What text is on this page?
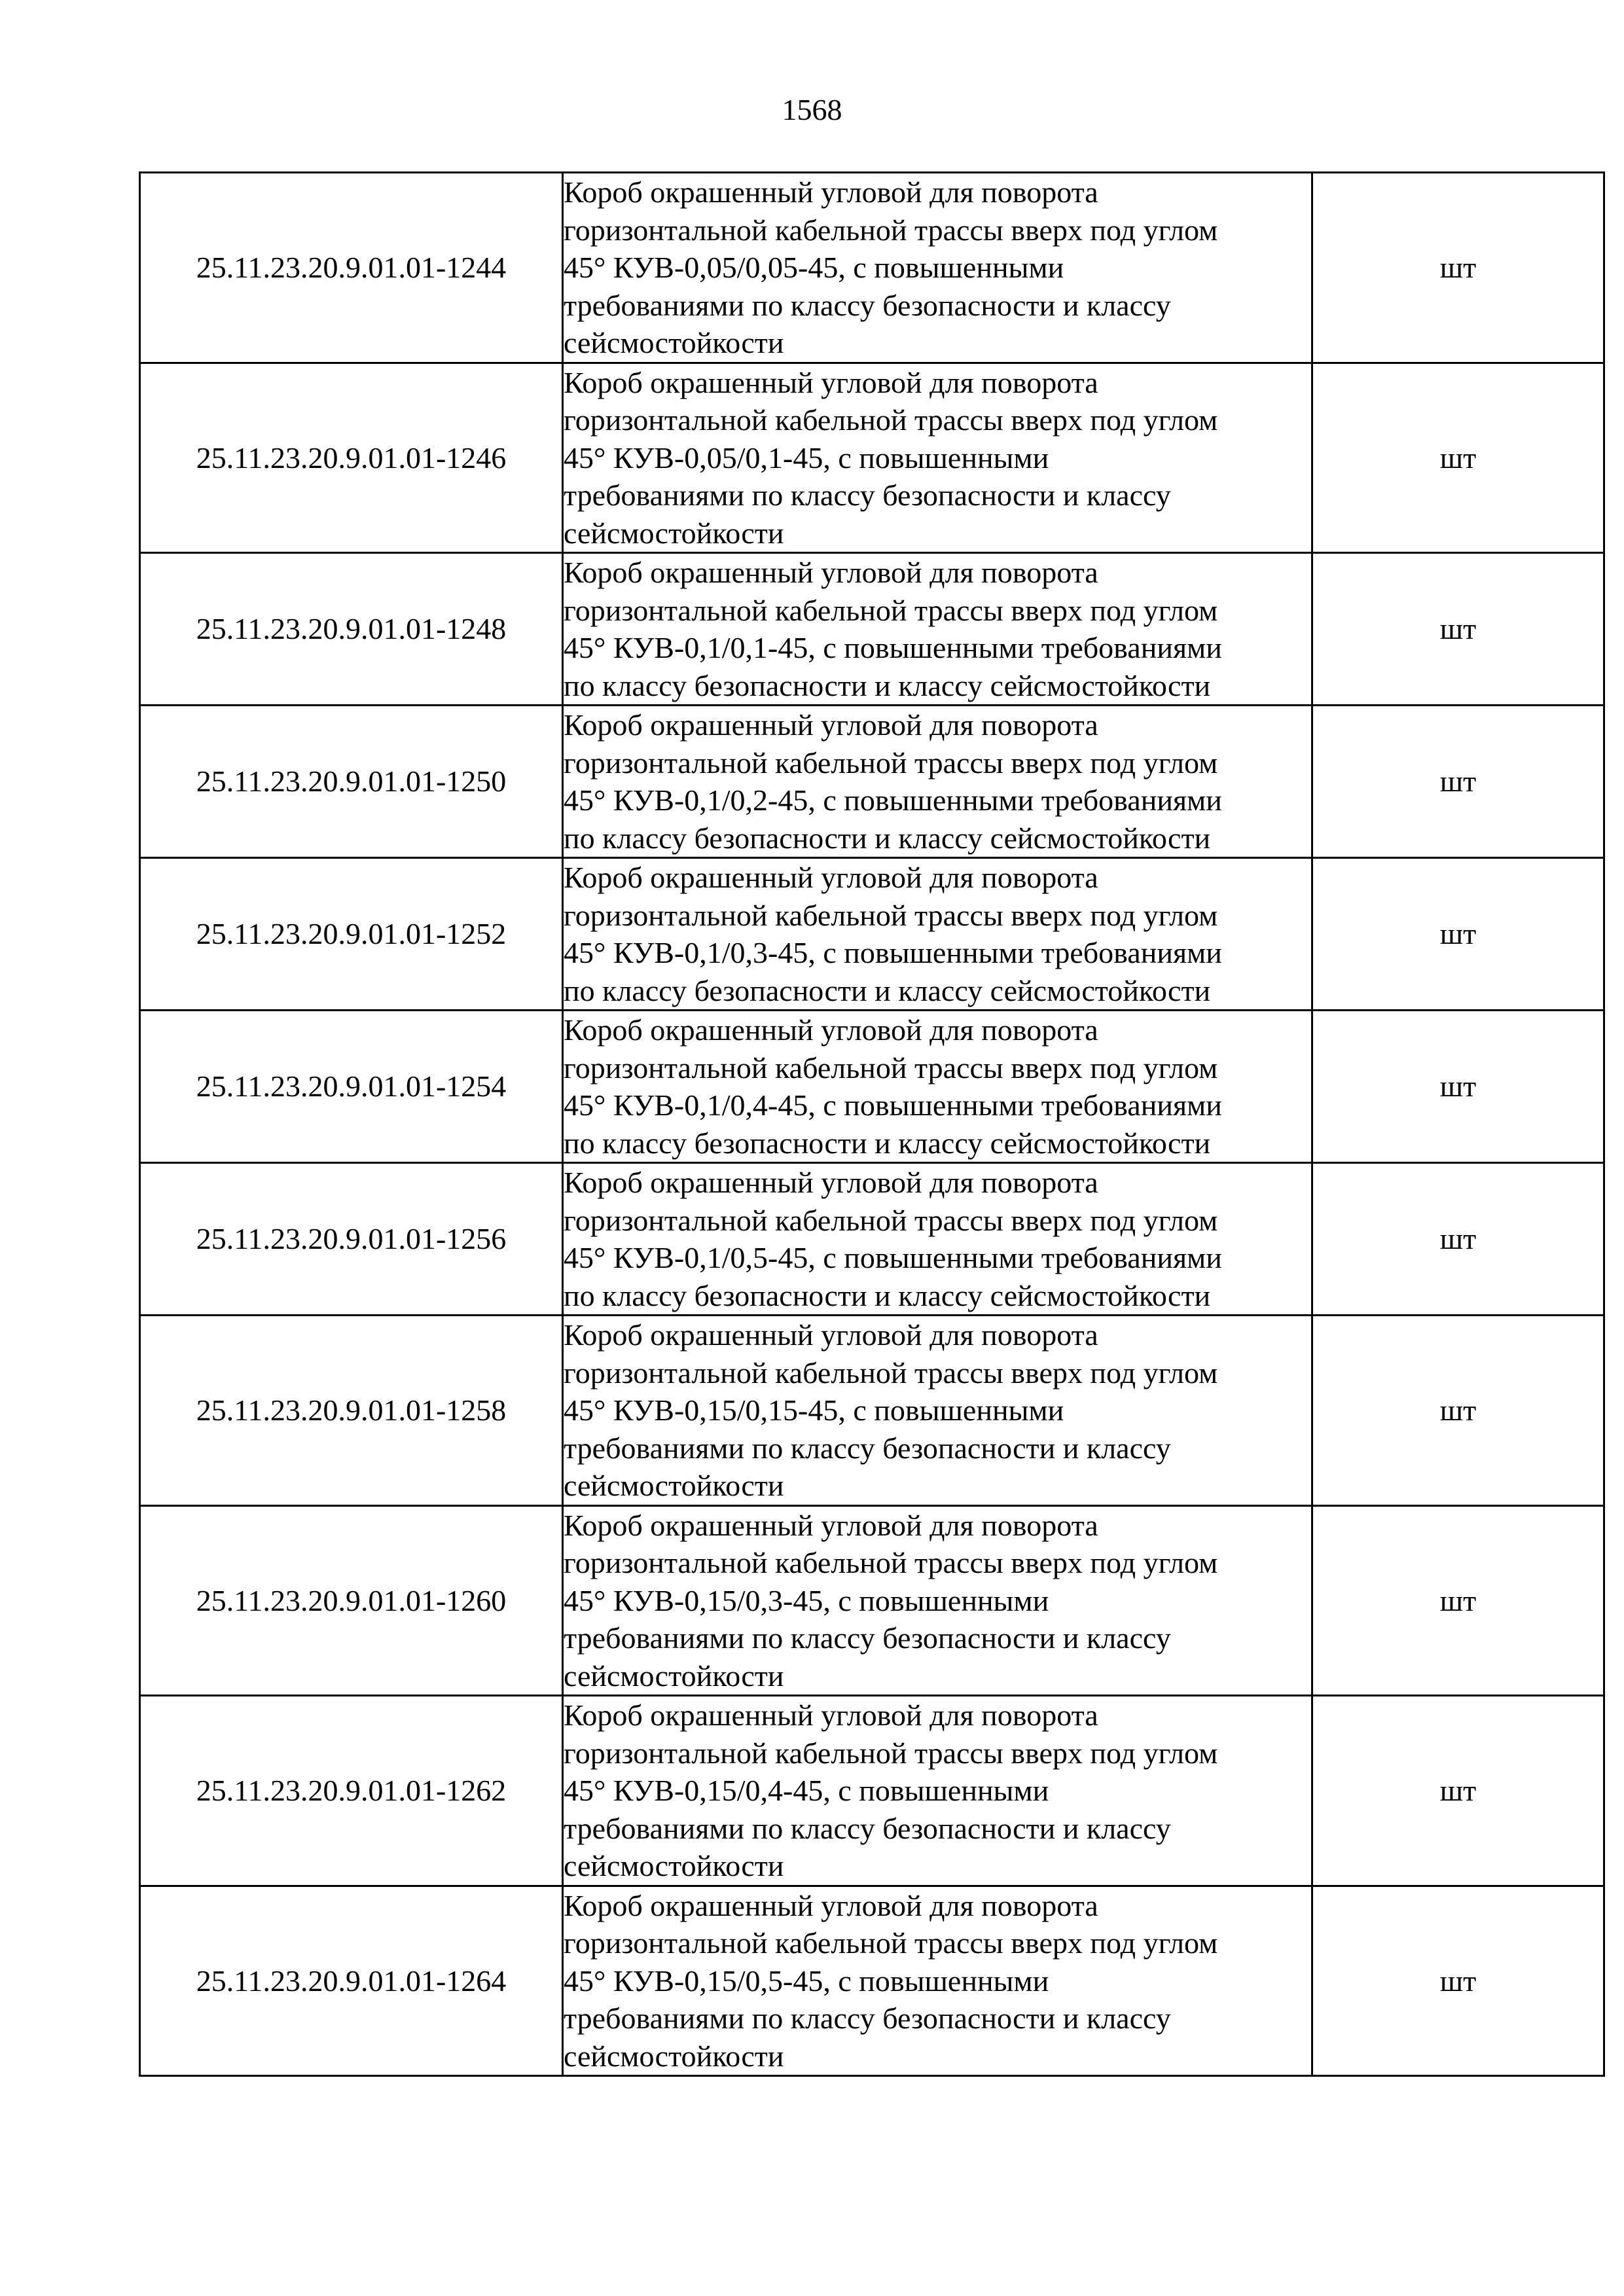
1568
25.11.23.20.9.01.01-1244	Короб окрашенный угловой для поворота
горизонтальной кабельной трассы вверх под углом
45° КУВ-0,05/0,05-45, с повышенными
требованиями по классу безопасности и классу
сейсмостойкости	шт
25.11.23.20.9.01.01-1246	Короб окрашенный угловой для поворота
горизонтальной кабельной трассы вверх под углом
45° КУВ-0,05/0,1-45, с повышенными
требованиями по классу безопасности и классу
сейсмостойкости	шт
25.11.23.20.9.01.01-1248	Короб окрашенный угловой для поворота
горизонтальной кабельной трассы вверх под углом
45° КУВ-0,1/0,1-45, с повышенными требованиями
по классу безопасности и классу сейсмостойкости	шт
25.11.23.20.9.01.01-1250	Короб окрашенный угловой для поворота
горизонтальной кабельной трассы вверх под углом
45° КУВ-0,1/0,2-45, с повышенными требованиями
по классу безопасности и классу сейсмостойкости	шт
25.11.23.20.9.01.01-1252	Короб окрашенный угловой для поворота
горизонтальной кабельной трассы вверх под углом
45° КУВ-0,1/0,3-45, с повышенными требованиями
по классу безопасности и классу сейсмостойкости	шт
25.11.23.20.9.01.01-1254	Короб окрашенный угловой для поворота
горизонтальной кабельной трассы вверх под углом
45° КУВ-0,1/0,4-45, с повышенными требованиями
по классу безопасности и классу сейсмостойкости	шт
25.11.23.20.9.01.01-1256	Короб окрашенный угловой для поворота
горизонтальной кабельной трассы вверх под углом
45° КУВ-0,1/0,5-45, с повышенными требованиями
по классу безопасности и классу сейсмостойкости	шт
25.11.23.20.9.01.01-1258	Короб окрашенный угловой для поворота
горизонтальной кабельной трассы вверх под углом
45° КУВ-0,15/0,15-45, с повышенными
требованиями по классу безопасности и классу
сейсмостойкости	шт
25.11.23.20.9.01.01-1260	Короб окрашенный угловой для поворота
горизонтальной кабельной трассы вверх под углом
45° КУВ-0,15/0,3-45, с повышенными
требованиями по классу безопасности и классу
сейсмостойкости	шт
25.11.23.20.9.01.01-1262	Короб окрашенный угловой для поворота
горизонтальной кабельной трассы вверх под углом
45° КУВ-0,15/0,4-45, с повышенными
требованиями по классу безопасности и классу
сейсмостойкости	шт
25.11.23.20.9.01.01-1264	Короб окрашенный угловой для поворота
горизонтальной кабельной трассы вверх под углом
45° КУВ-0,15/0,5-45, с повышенными
требованиями по классу безопасности и классу
сейсмостойкости	шт
